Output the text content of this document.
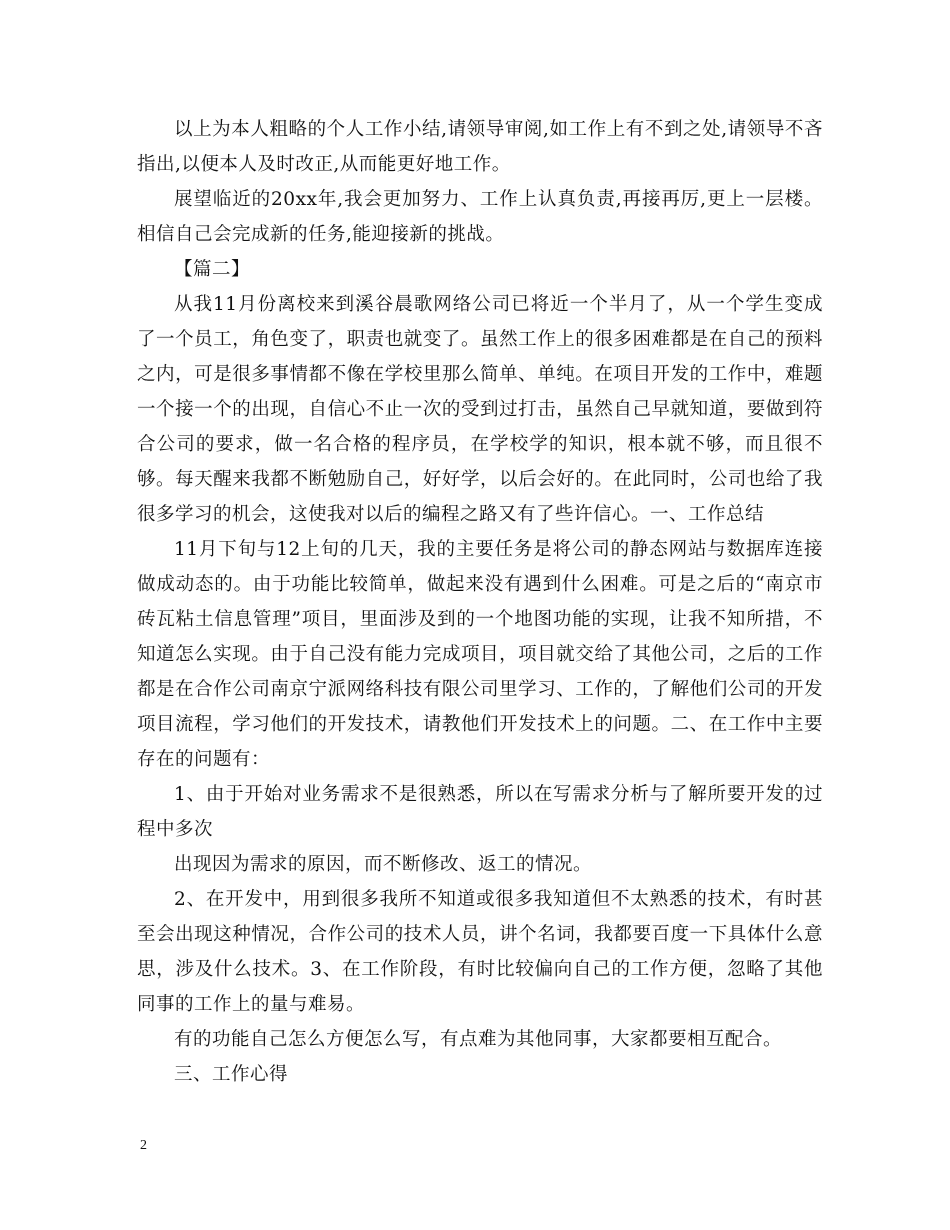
以上为本人粗略的个人工作小结,请领导审阅,如工作上有不到之处,请领导不吝指出,以便本人及时改正,从而能更好地工作。

展望临近的20xx年,我会更加努力、工作上认真负责,再接再厉,更上一层楼。相信自己会完成新的任务,能迎接新的挑战。

【篇二】

从我11月份离校来到溪谷晨歌网络公司已将近一个半月了，从一个学生变成了一个员工，角色变了，职责也就变了。虽然工作上的很多困难都是在自己的预料之内，可是很多事情都不像在学校里那么简单、单纯。在项目开发的工作中，难题一个接一个的出现，自信心不止一次的受到过打击，虽然自己早就知道，要做到符合公司的要求，做一名合格的程序员，在学校学的知识，根本就不够，而且很不够。每天醒来我都不断勉励自己，好好学，以后会好的。在此同时，公司也给了我很多学习的机会，这使我对以后的编程之路又有了些许信心。一、工作总结

11月下旬与12上旬的几天，我的主要任务是将公司的静态网站与数据库连接做成动态的。由于功能比较简单，做起来没有遇到什么困难。可是之后的“南京市砖瓦粘土信息管理”项目，里面涉及到的一个地图功能的实现，让我不知所措，不知道怎么实现。由于自己没有能力完成项目，项目就交给了其他公司，之后的工作都是在合作公司南京宁派网络科技有限公司里学习、工作的，了解他们公司的开发项目流程，学习他们的开发技术，请教他们开发技术上的问题。二、在工作中主要存在的问题有：

1、由于开始对业务需求不是很熟悉，所以在写需求分析与了解所要开发的过程中多次

出现因为需求的原因，而不断修改、返工的情况。

2、在开发中，用到很多我所不知道或很多我知道但不太熟悉的技术，有时甚至会出现这种情况，合作公司的技术人员，讲个名词，我都要百度一下具体什么意思，涉及什么技术。3、在工作阶段，有时比较偏向自己的工作方便，忽略了其他同事的工作上的量与难易。

有的功能自己怎么方便怎么写，有点难为其他同事，大家都要相互配合。

三、工作心得

2
